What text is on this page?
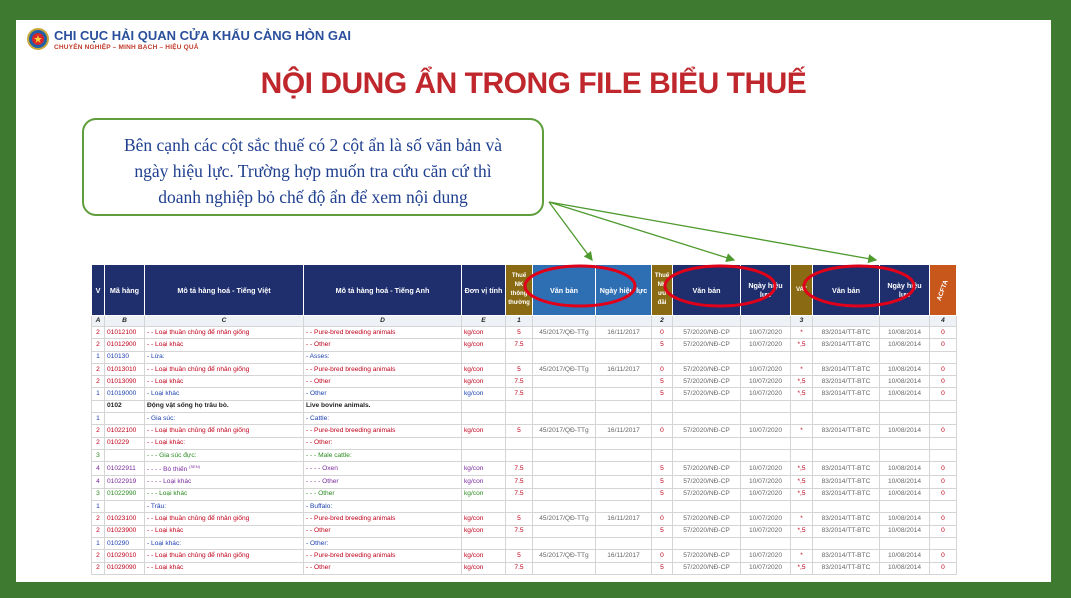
CHI CỤC HẢI QUAN CỬA KHẨU CẢNG HÒN GAI
CHUYÊN NGHIỆP – MINH BẠCH – HIỆU QUẢ
NỘI DUNG ẨN TRONG FILE BIỂU THUẾ
Bên cạnh các cột sắc thuế có 2 cột ẩn là số văn bản và
ngày hiệu lực. Trường hợp muốn tra cứu căn cứ thì
doanh nghiệp bỏ chế độ ẩn để xem nội dung
V	Mã hàng	Mô tả hàng hoá - Tiếng Việt	Mô tả hàng hoá - Tiếng Anh	Đơn vị tính	Thuế NK thông thường	Văn bản	Ngày hiệu lực	Thuế NK ưu đãi	Văn bản	Ngày hiệu lực	VAT	Văn bản	Ngày hiệu lực	ACFTA
A	B	C	D	E	1			2			3			4
2	01012100	- - Loại thuần chủng để nhân giống	- - Pure-bred breeding animals	kg/con	5	45/2017/QĐ-TTg	16/11/2017	0	57/2020/NĐ-CP	10/07/2020	*	83/2014/TT-BTC	10/08/2014	0
2	01012900	- - Loại khác	- - Other	kg/con	7.5			5	57/2020/NĐ-CP	10/07/2020	*,5	83/2014/TT-BTC	10/08/2014	0
1	010130	- Lừa:	- Asses:											
2	01013010	- - Loại thuần chủng để nhân giống	- - Pure-bred breeding animals	kg/con	5	45/2017/QĐ-TTg	16/11/2017	0	57/2020/NĐ-CP	10/07/2020	*	83/2014/TT-BTC	10/08/2014	0
2	01013090	- - Loại khác	- - Other	kg/con	7.5			5	57/2020/NĐ-CP	10/07/2020	*,5	83/2014/TT-BTC	10/08/2014	0
1	01019000	- Loại khác	- Other	kg/con	7.5			5	57/2020/NĐ-CP	10/07/2020	*,5	83/2014/TT-BTC	10/08/2014	0
	0102	Động vật sống họ trâu bò.	Live bovine animals.											
1		- Gia súc:	- Cattle:											
2	01022100	- - Loại thuần chủng để nhân giống	- - Pure-bred breeding animals	kg/con	5	45/2017/QĐ-TTg	16/11/2017	0	57/2020/NĐ-CP	10/07/2020	*	83/2014/TT-BTC	10/08/2014	0
2	010229	- - Loại khác:	- - Other:											
3		- - - Gia súc đực:	- - - Male cattle:											
4	01022911	- - - - Bò thiến $^{(SEN)}$	- - - - Oxen	kg/con	7.5			5	57/2020/NĐ-CP	10/07/2020	*,5	83/2014/TT-BTC	10/08/2014	0
4	01022919	- - - - Loại khác	- - - - Other	kg/con	7.5			5	57/2020/NĐ-CP	10/07/2020	*,5	83/2014/TT-BTC	10/08/2014	0
3	01022990	- - - Loại khác	- - - Other	kg/con	7.5			5	57/2020/NĐ-CP	10/07/2020	*,5	83/2014/TT-BTC	10/08/2014	0
1		- Trâu:	- Buffalo:											
2	01023100	- - Loại thuần chủng để nhân giống	- - Pure-bred breeding animals	kg/con	5	45/2017/QĐ-TTg	16/11/2017	0	57/2020/NĐ-CP	10/07/2020	*	83/2014/TT-BTC	10/08/2014	0
2	01023900	- - Loại khác	- - Other	kg/con	7.5			5	57/2020/NĐ-CP	10/07/2020	*,5	83/2014/TT-BTC	10/08/2014	0
1	010290	- Loại khác:	- Other:											
2	01029010	- - Loại thuần chủng để nhân giống	- - Pure-bred breeding animals	kg/con	5	45/2017/QĐ-TTg	16/11/2017	0	57/2020/NĐ-CP	10/07/2020	*	83/2014/TT-BTC	10/08/2014	0
2	01029090	- - Loại khác	- - Other	kg/con	7.5			5	57/2020/NĐ-CP	10/07/2020	*,5	83/2014/TT-BTC	10/08/2014	0
